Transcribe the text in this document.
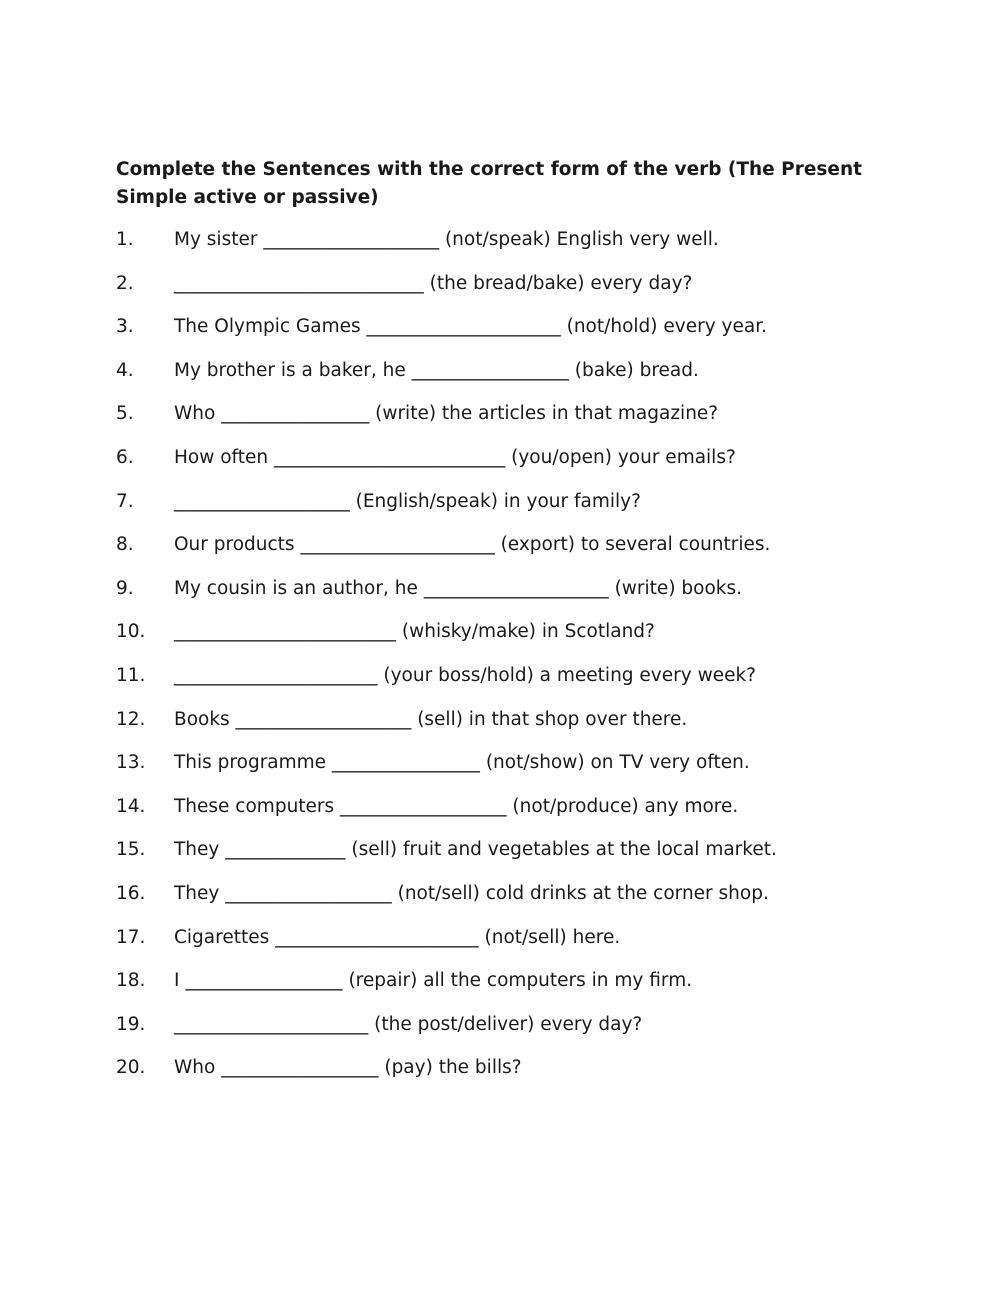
Complete the Sentences with the correct form of the verb (The Present Simple active or passive)
1.	My sister ___________________ (not/speak) English very well.
2.	___________________________ (the bread/bake) every day?
3.	The Olympic Games _____________________ (not/hold) every year.
4.	My brother is a baker, he _________________ (bake) bread.
5.	Who ________________ (write) the articles in that magazine?
6.	How often _________________________ (you/open) your emails?
7.	___________________ (English/speak) in your family?
8.	Our products _____________________ (export) to several countries.
9.	My cousin is an author, he ____________________ (write) books.
10.	________________________ (whisky/make) in Scotland?
11.	______________________ (your boss/hold) a meeting every week?
12.	Books ___________________ (sell) in that shop over there.
13.	This programme ________________ (not/show) on TV very often.
14.	These computers __________________ (not/produce) any more.
15.	They _____________ (sell) fruit and vegetables at the local market.
16.	They __________________ (not/sell) cold drinks at the corner shop.
17.	Cigarettes ______________________ (not/sell) here.
18.	I _________________ (repair) all the computers in my firm.
19.	_____________________ (the post/deliver) every day?
20.	Who _________________ (pay) the bills?
